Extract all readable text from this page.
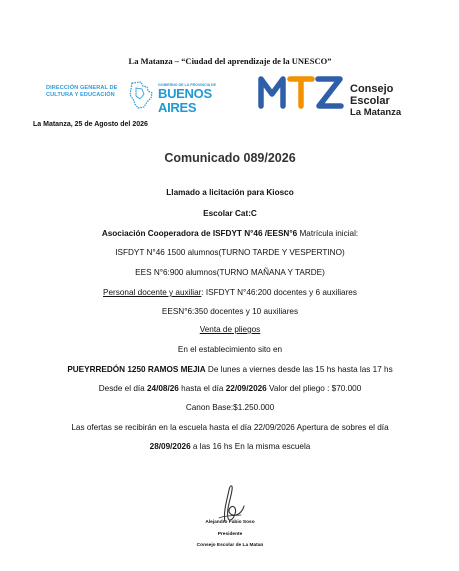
La Matanza – “Ciudad del aprendizaje de la UNESCO”
DIRECCIÓN GENERAL DE
CULTURA Y EDUCACIÓN
GOBIERNO DE LA PROVINCIA DE
BUENOS AIRES
Consejo Escolar
La Matanza
La Matanza, 25 de Agosto del 2026
Comunicado 089/2026
Llamado a licitación para Kiosco
Escolar Cat:C
Asociación Cooperadora de ISFDYT N°46 /EESN°6 Matrícula inicial:
ISFDYT N°46 1500 alumnos(TURNO TARDE Y VESPERTINO)
EES N°6:900 alumnos(TURNO MAÑANA Y TARDE)
Personal docente y auxiliar: ISFDYT N°46:200 docentes y 6 auxiliares
EESN°6:350 docentes y 10 auxiliares
Venta de pliegos
En el establecimiento sito en
PUEYRREDÓN 1250 RAMOS MEJIA De lunes a viernes desde las 15 hs hasta las 17 hs
Desde el día 24/08/26 hasta el día 22/09/2026 Valor del pliego : $70.000
Canon Base:$1.250.000
Las ofertas se recibirán en la escuela hasta el día 22/09/2026 Apertura de sobres el día
28/09/2026 a las 16 hs En la misma escuela
Alejandro Fabio Soso
Presidente
Consejo Escolar de La Matan
